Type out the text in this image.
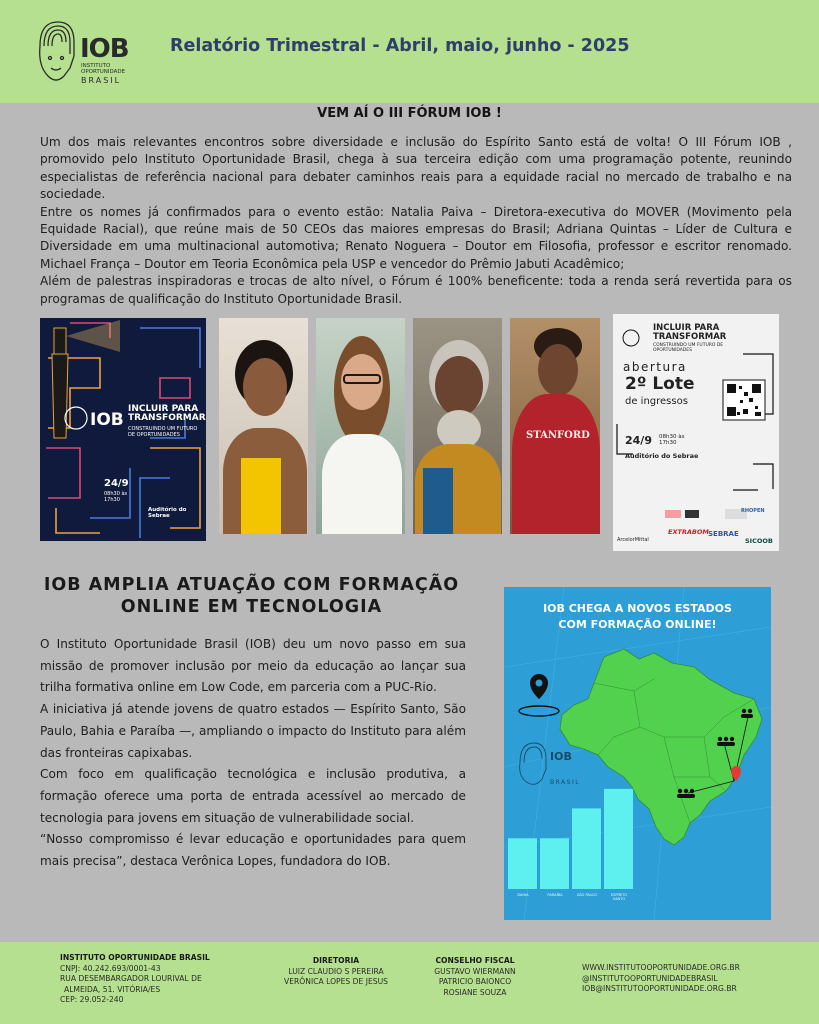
IOB
INSTITUTO OPORTUNIDADE
BRASIL
Relatório Trimestral - Abril, maio, junho - 2025
VEM AÍ O III FÓRUM IOB !

Um dos mais relevantes encontros sobre diversidade e inclusão do Espírito Santo está de volta! O III Fórum IOB , promovido pelo Instituto Oportunidade Brasil, chega à sua terceira edição com uma programação potente, reunindo especialistas de referência nacional para debater caminhos reais para a equidade racial no mercado de trabalho e na sociedade.

Entre os nomes já confirmados para o evento estão: Natalia Paiva – Diretora-executiva do MOVER (Movimento pela Equidade Racial), que reúne mais de 50 CEOs das maiores empresas do Brasil; Adriana Quintas – Líder de Cultura e Diversidade em uma multinacional automotiva; Renato Noguera – Doutor em Filosofia, professor e escritor renomado. Michael França – Doutor em Teoria Econômica pela USP e vencedor do Prêmio Jabuti Acadêmico;

Além de palestras inspiradoras e trocas de alto nível, o Fórum é 100% beneficente: toda a renda será revertida para os programas de qualificação do Instituto Oportunidade Brasil.

IOB
INCLUIR PARA TRANSFORMAR
CONSTRUINDO UM FUTURO DE OPORTUNIDADES
24/9
08h30 às 17h30
Auditório do Sebrae
STANFORD
INCLUIR PARA TRANSFORMAR
CONSTRUINDO UM FUTURO DE OPORTUNIDADES
abertura
2º Lote
de ingressos
24/9 08h30 às 17h30
Auditório do Sebrae
RHOPEN
ArcelorMittal
EXTRABOM SEBRAE
SICOOB
IOB AMPLIA ATUAÇÃO COM FORMAÇÃO
ONLINE EM TECNOLOGIA

O Instituto Oportunidade Brasil (IOB) deu um novo passo em sua missão de promover inclusão por meio da educação ao lançar sua trilha formativa online em Low Code, em parceria com a PUC-Rio.

A iniciativa já atende jovens de quatro estados — Espírito Santo, São Paulo, Bahia e Paraíba —, ampliando o impacto do Instituto para além das fronteiras capixabas.

Com foco em qualificação tecnológica e inclusão produtiva, a formação oferece uma porta de entrada acessível ao mercado de tecnologia para jovens em situação de vulnerabilidade social.

“Nosso compromisso é levar educação e oportunidades para quem mais precisa”, destaca Verônica Lopes, fundadora do IOB.

IOB CHEGA A NOVOS ESTADOS
COM FORMAÇÃO ONLINE!
IOB
BRASIL
BAHIA	PARAÍBA	SÃO PAULO	ESPÍRITO SANTO
INSTITUTO OPORTUNIDADE BRASIL
CNPJ: 40.242.693/0001-43
RUA DESEMBARGADOR LOURIVAL DE
ALMEIDA, 51. VITÓRIA/ES
CEP: 29.052-240
DIRETORIA
LUIZ CLAUDIO S PEREIRA
VERÔNICA LOPES DE JESUS
CONSELHO FISCAL
GUSTAVO WIERMANN
PATRICIO BAIONCO
ROSIANE SOUZA
WWW.INSTITUTOOPORTUNIDADE.ORG.BR
@INSTITUTOOPORTUNIDADEBRASIL
IOB@INSTITUTOOPORTUNIDADE.ORG.BR
